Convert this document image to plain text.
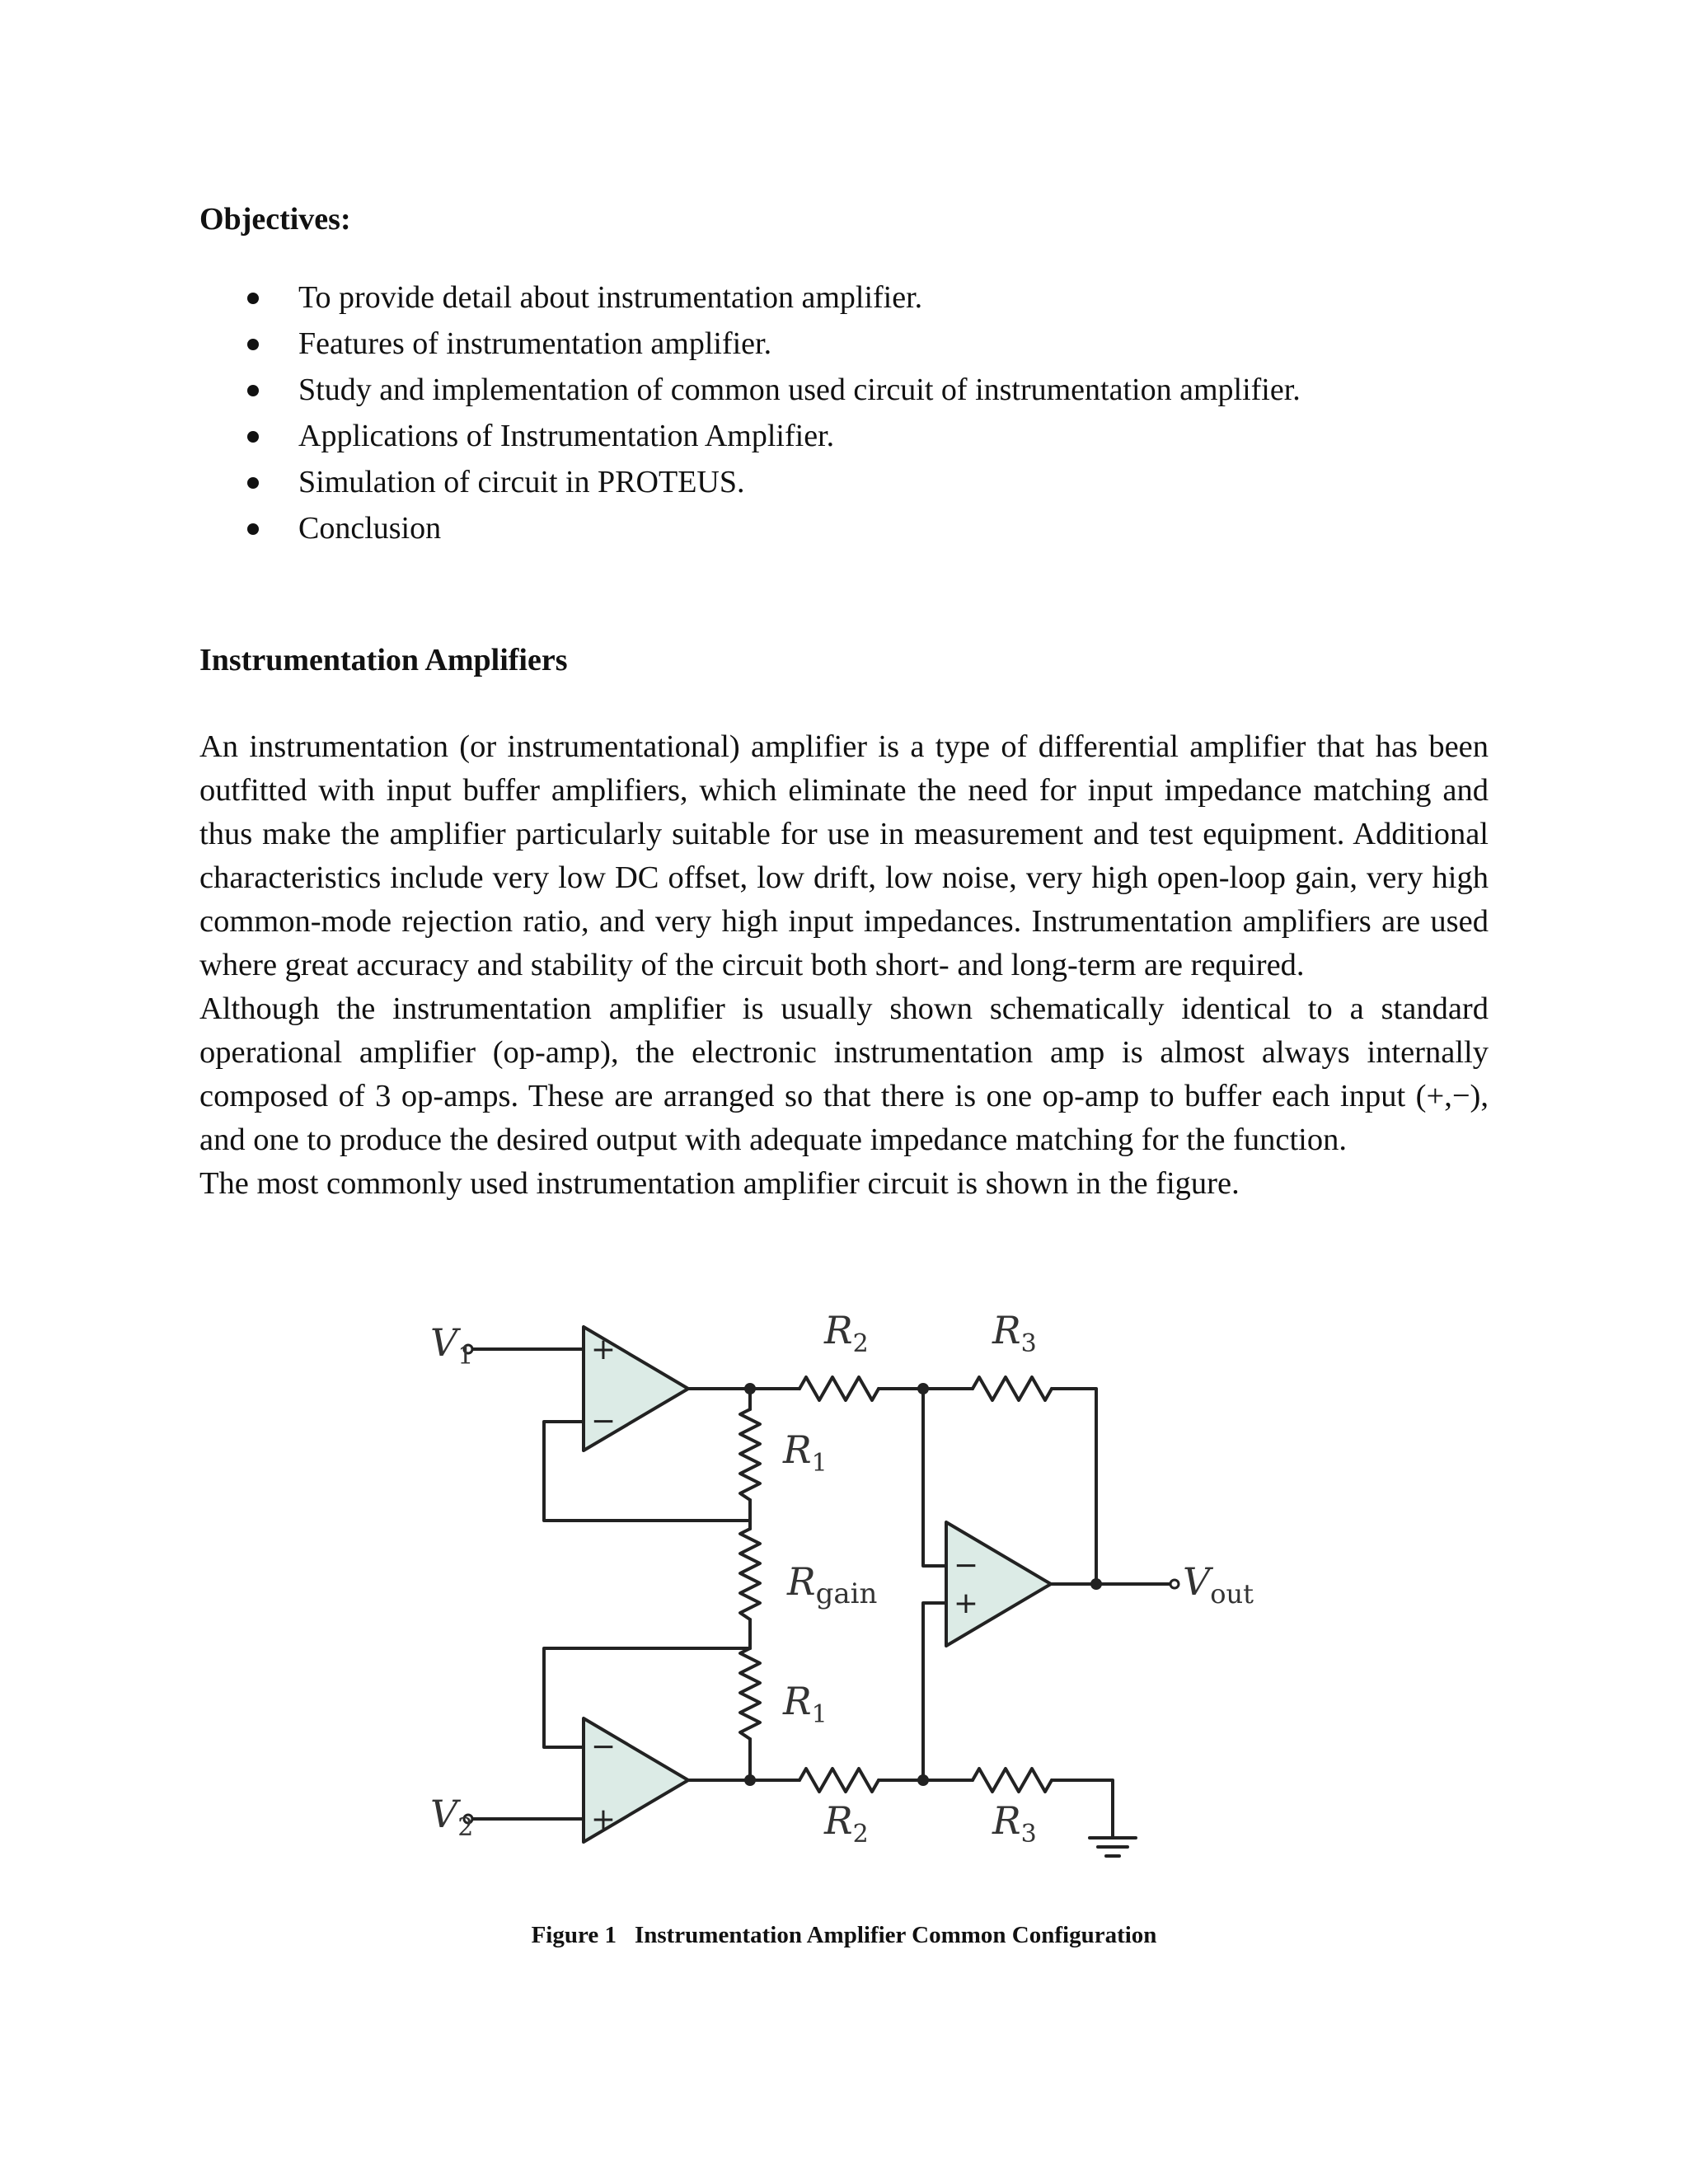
Objectives:
To provide detail about instrumentation amplifier.
Features of instrumentation amplifier.
Study and implementation of common used circuit of instrumentation amplifier.
Applications of Instrumentation Amplifier.
Simulation of circuit in PROTEUS.
Conclusion
Instrumentation Amplifiers

An instrumentation (or instrumentational) amplifier is a type of differential amplifier that has been outfitted with input buffer amplifiers, which eliminate the need for input impedance matching and thus make the amplifier particularly suitable for use in measurement and test equipment. Additional characteristics include very low DC offset, low drift, low noise, very high open-loop gain, very high common-mode rejection ratio, and very high input impedances. Instrumentation amplifiers are used where great accuracy and stability of the circuit both short- and long-term are required.

Although the instrumentation amplifier is usually shown schematically identical to a standard operational amplifier (op-amp), the electronic instrumentation amp is almost always internally composed of 3 op-amps. These are arranged so that there is one op-amp to buffer each input (+,−), and one to produce the desired output with adequate impedance matching for the function.

The most commonly used instrumentation amplifier circuit is shown in the figure.

+
−
−
+
−
+
$V_1$
$V_2$
$V_{out}$
$R_2$	$R_3$
$R_1$
$R_{gain}$
$R_1$
$R_2$	$R_3$
Figure 1 Instrumentation Amplifier Common Configuration
